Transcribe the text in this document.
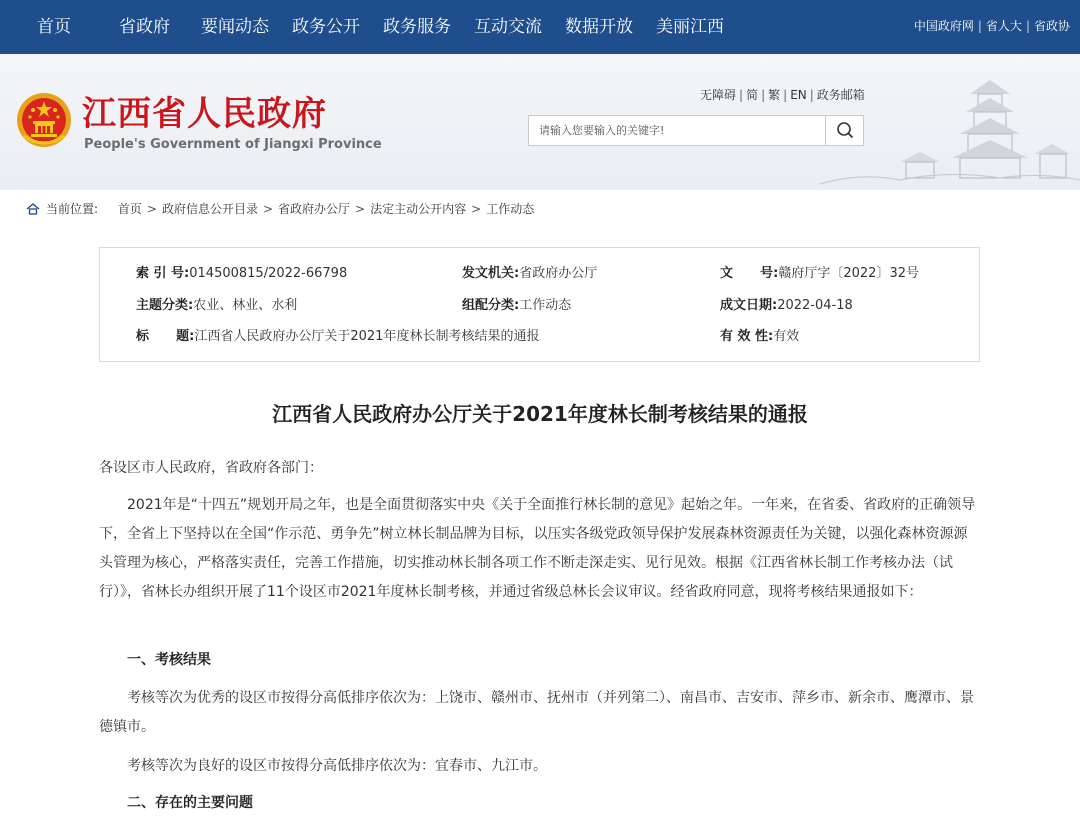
首页	省政府 要闻动态 政务公开 政务服务 互动交流 数据开放 美丽江西	中国政府网 | 省人大 | 省政协
江西省人民政府
People's Government of Jiangxi Province
无障碍 | 简 | 繁 | EN | 政务邮箱
请输入您要输入的关键字!
当前位置: 首页 > 政府信息公开目录 > 省政府办公厅 > 法定主动公开内容 > 工作动态
索 引 号:014500815/2022-66798	发文机关:省政府办公厅	文      号:赣府厅字〔2022〕32号
主题分类:农业、林业、水利	组配分类:工作动态	成文日期:2022-04-18
标      题:江西省人民政府办公厅关于2021年度林长制考核结果的通报	有 效 性:有效
江西省人民政府办公厅关于2021年度林长制考核结果的通报
各设区市人民政府，省政府各部门：
2021年是“十四五”规划开局之年，也是全面贯彻落实中央《关于全面推行林长制的意见》起始之年。一年来，在省委、省政府的正确领导下，全省上下坚持以在全国“作示范、勇争先”树立林长制品牌为目标，以压实各级党政领导保护发展森林资源责任为关键，以强化森林资源源头管理为核心，严格落实责任，完善工作措施，切实推动林长制各项工作不断走深走实、见行见效。根据《江西省林长制工作考核办法（试行）》，省林长办组织开展了11个设区市2021年度林长制考核，并通过省级总林长会议审议。经省政府同意，现将考核结果通报如下：
一、考核结果
考核等次为优秀的设区市按得分高低排序依次为：上饶市、赣州市、抚州市（并列第二）、南昌市、吉安市、萍乡市、新余市、鹰潭市、景德镇市。
考核等次为良好的设区市按得分高低排序依次为：宜春市、九江市。
二、存在的主要问题
